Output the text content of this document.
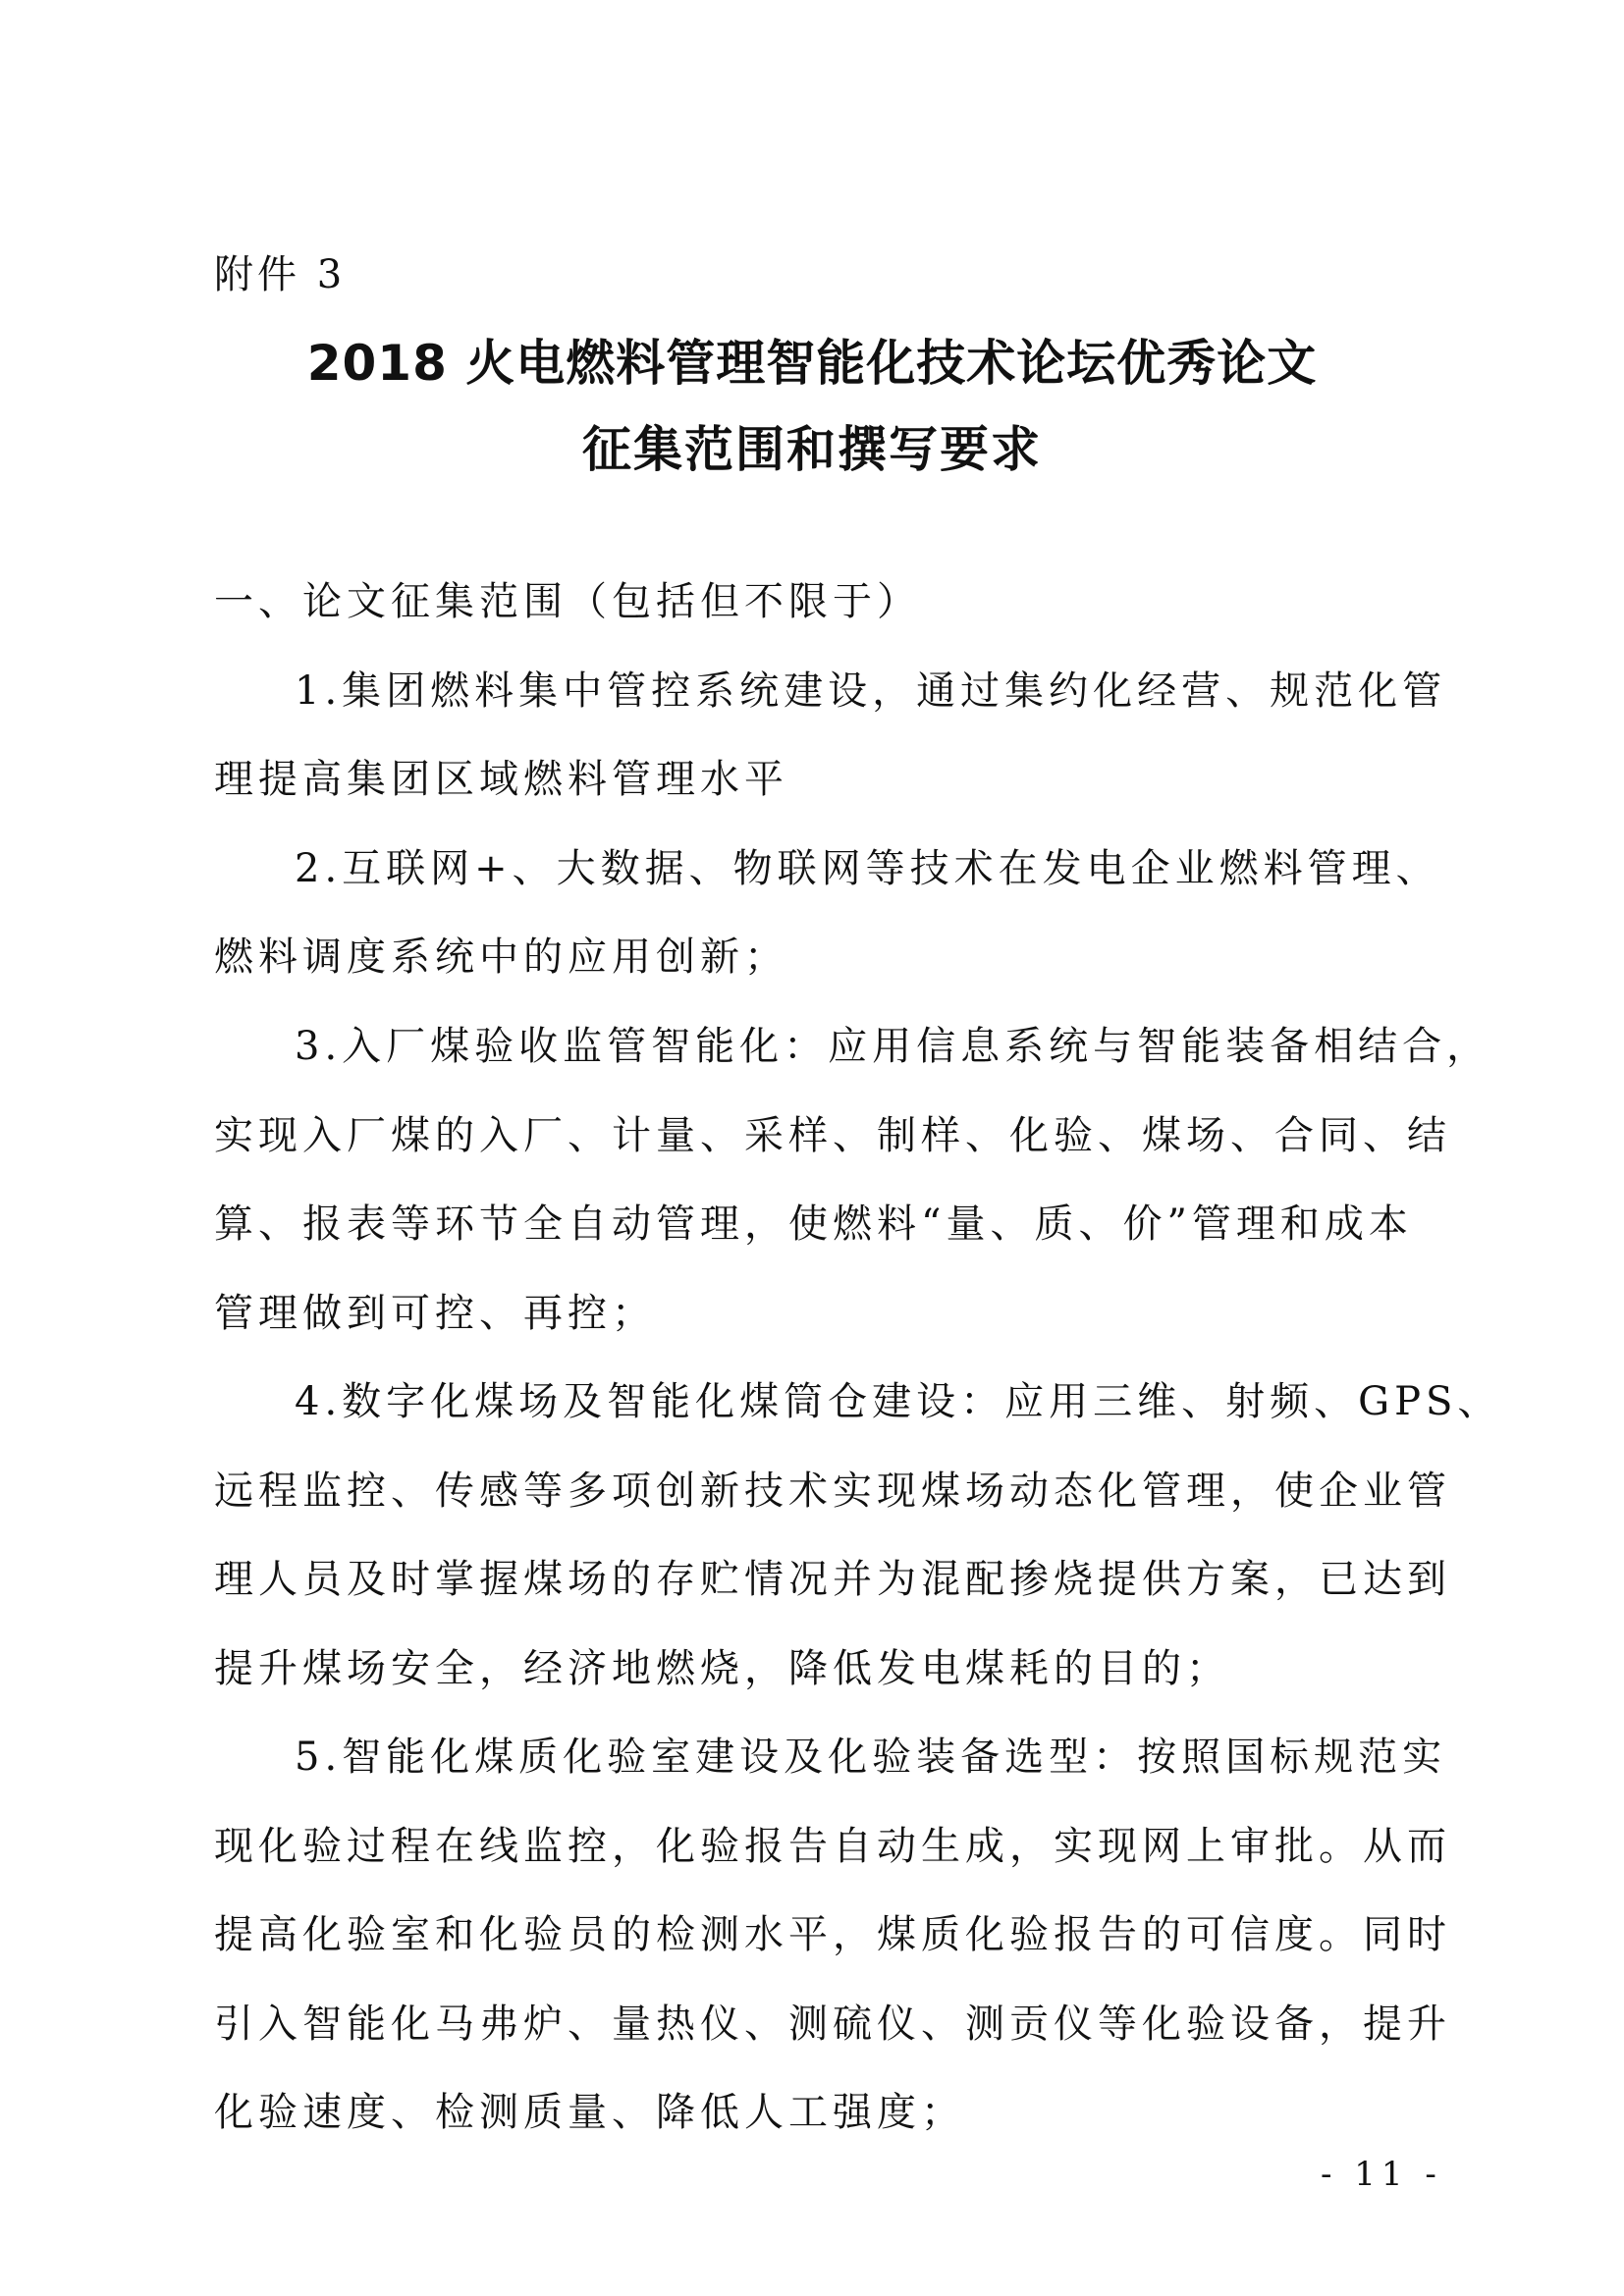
附件 3

2018 火电燃料管理智能化技术论坛优秀论文
征集范围和撰写要求

一、论文征集范围（包括但不限于）

1.集团燃料集中管控系统建设，通过集约化经营、规范化管

理提高集团区域燃料管理水平

2.互联网+、大数据、物联网等技术在发电企业燃料管理、

燃料调度系统中的应用创新；

3.入厂煤验收监管智能化：应用信息系统与智能装备相结合，

实现入厂煤的入厂、计量、采样、制样、化验、煤场、合同、结

算、报表等环节全自动管理，使燃料“量、质、价”管理和成本

管理做到可控、再控；

4.数字化煤场及智能化煤筒仓建设：应用三维、射频、GPS、

远程监控、传感等多项创新技术实现煤场动态化管理，使企业管

理人员及时掌握煤场的存贮情况并为混配掺烧提供方案，已达到

提升煤场安全，经济地燃烧，降低发电煤耗的目的；

5.智能化煤质化验室建设及化验装备选型：按照国标规范实

现化验过程在线监控，化验报告自动生成，实现网上审批。从而

提高化验室和化验员的检测水平，煤质化验报告的可信度。同时

引入智能化马弗炉、量热仪、测硫仪、测贡仪等化验设备，提升

化验速度、检测质量、降低人工强度；

- 11 -
